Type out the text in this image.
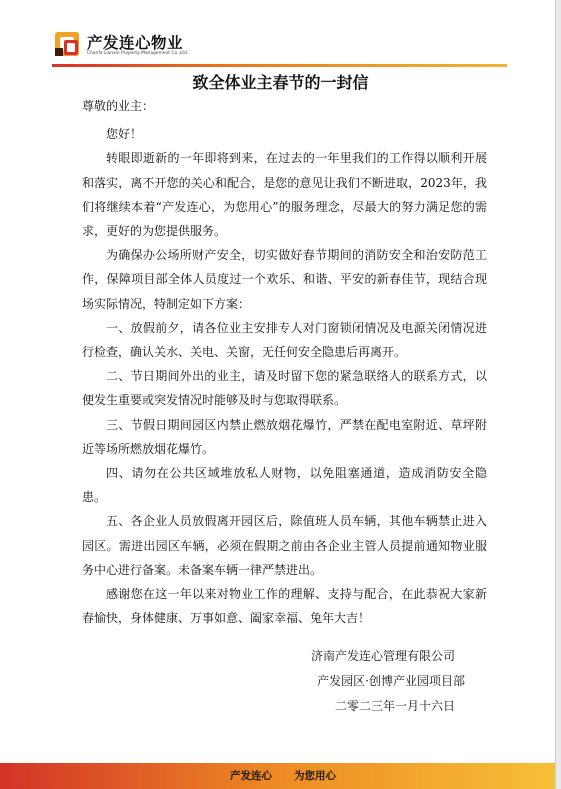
产发连心物业
Chanfa Lianxin Property Management Co.,Ltd.
致全体业主春节的一封信

尊敬的业主：

您好！

转眼即逝新的一年即将到来，在过去的一年里我们的工作得以顺利开展和落实，离不开您的关心和配合，是您的意见让我们不断进取，2023年，我们将继续本着“产发连心，为您用心”的服务理念，尽最大的努力满足您的需求，更好的为您提供服务。

为确保办公场所财产安全，切实做好春节期间的消防安全和治安防范工作，保障项目部全体人员度过一个欢乐、和谐、平安的新春佳节，现结合现场实际情况，特制定如下方案：

一、放假前夕，请各位业主安排专人对门窗锁闭情况及电源关闭情况进行检查，确认关水、关电、关窗，无任何安全隐患后再离开。

二、节日期间外出的业主，请及时留下您的紧急联络人的联系方式，以便发生重要或突发情况时能够及时与您取得联系。

三、节假日期间园区内禁止燃放烟花爆竹，严禁在配电室附近、草坪附近等场所燃放烟花爆竹。

四、请勿在公共区域堆放私人财物，以免阻塞通道，造成消防安全隐患。

五、各企业人员放假离开园区后，除值班人员车辆，其他车辆禁止进入园区。需进出园区车辆，必须在假期之前由各企业主管人员提前通知物业服务中心进行备案。未备案车辆一律严禁进出。

感谢您在这一年以来对物业工作的理解、支持与配合，在此恭祝大家新春愉快，身体健康、万事如意、阖家幸福、兔年大吉！

济南产发连心管理有限公司
产发园区·创博产业园项目部
二零二三年一月十六日
产发连心 为您用心
